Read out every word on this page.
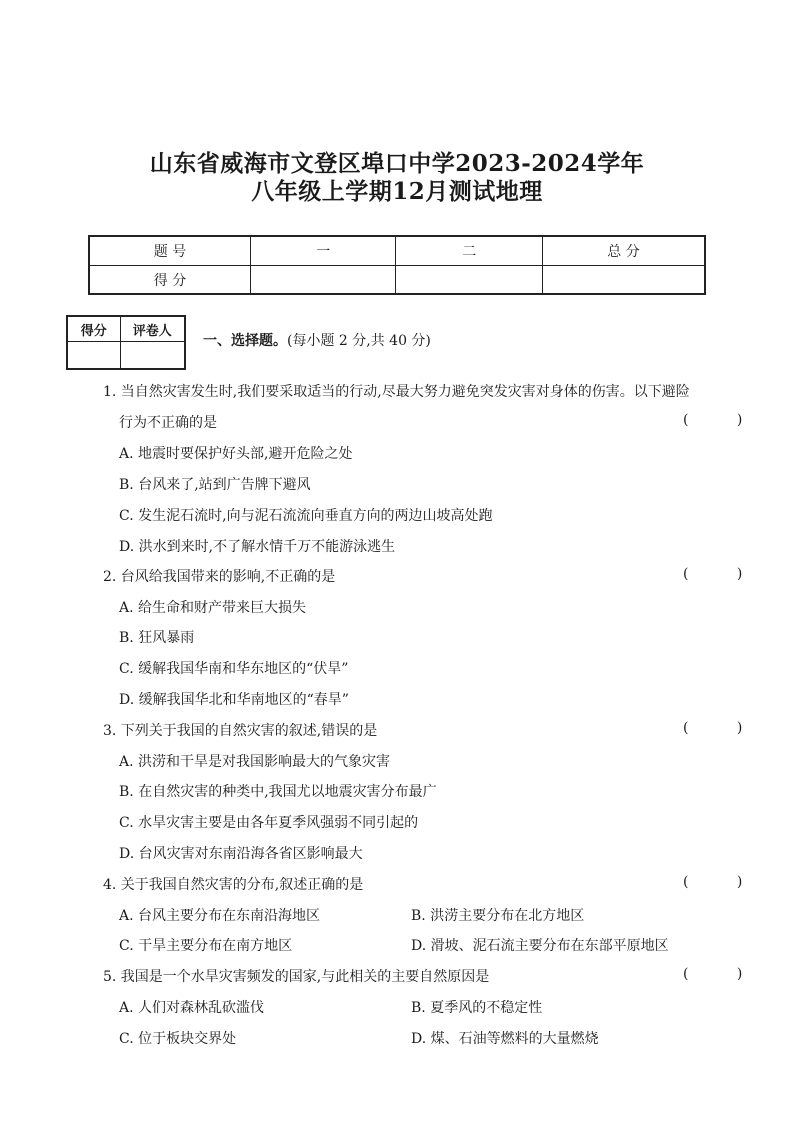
山东省威海市文登区埠口中学2023-2024学年
八年级上学期12月测试地理
题 号	一	二	总 分
得 分			
得分	评卷人

一、选择题。(每小题 2 分,共 40 分)
1. 当自然灾害发生时,我们要采取适当的行动,尽最大努力避免突发灾害对身体的伤害。以下避险
行为不正确的是	( )
A. 地震时要保护好头部,避开危险之处
B. 台风来了,站到广告牌下避风
C. 发生泥石流时,向与泥石流流向垂直方向的两边山坡高处跑
D. 洪水到来时,不了解水情千万不能游泳逃生
2. 台风给我国带来的影响,不正确的是	( )
A. 给生命和财产带来巨大损失
B. 狂风暴雨
C. 缓解我国华南和华东地区的“伏旱”
D. 缓解我国华北和华南地区的“春旱”
3. 下列关于我国的自然灾害的叙述,错误的是	( )
A. 洪涝和干旱是对我国影响最大的气象灾害
B. 在自然灾害的种类中,我国尤以地震灾害分布最广
C. 水旱灾害主要是由各年夏季风强弱不同引起的
D. 台风灾害对东南沿海各省区影响最大
4. 关于我国自然灾害的分布,叙述正确的是	( )
A. 台风主要分布在东南沿海地区	B. 洪涝主要分布在北方地区
C. 干旱主要分布在南方地区	D. 滑坡、泥石流主要分布在东部平原地区
5. 我国是一个水旱灾害频发的国家,与此相关的主要自然原因是	( )
A. 人们对森林乱砍滥伐	B. 夏季风的不稳定性
C. 位于板块交界处	D. 煤、石油等燃料的大量燃烧
